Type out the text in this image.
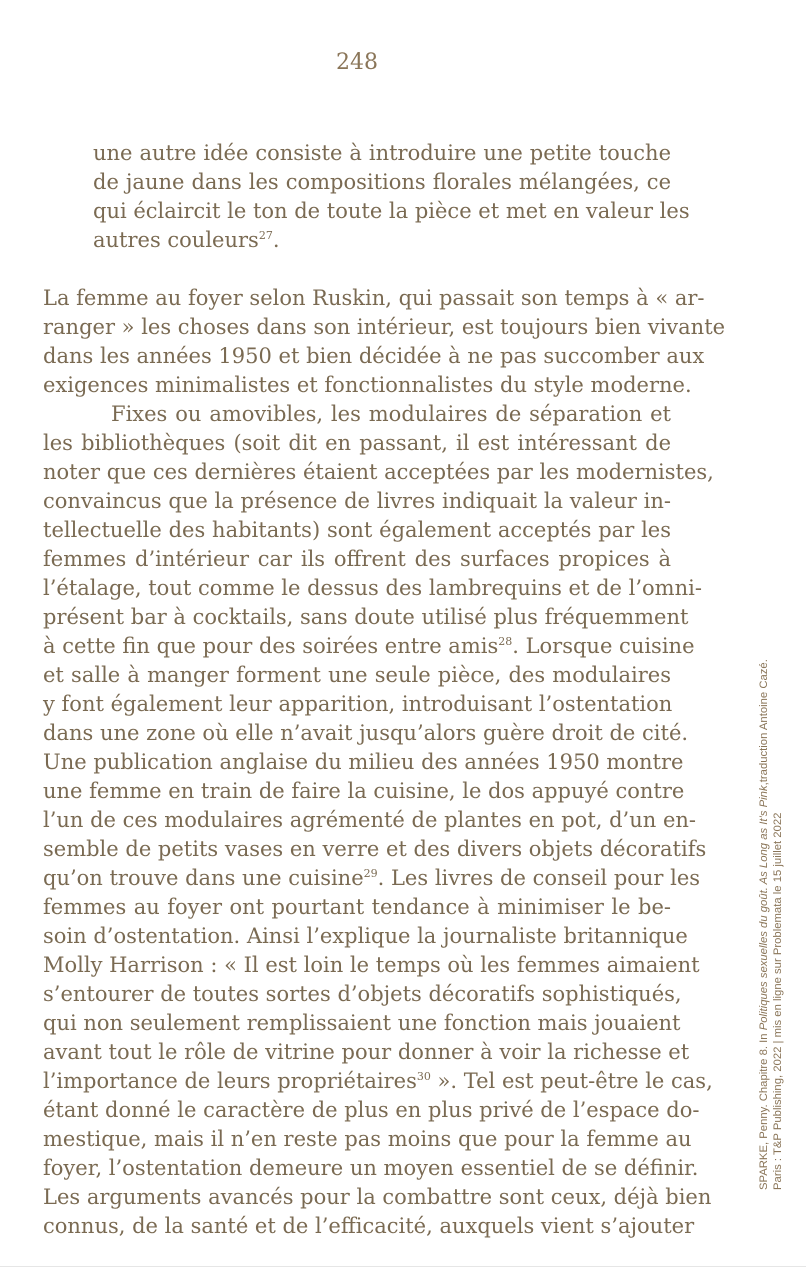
248
une autre idée consiste à introduire une petite touche
de jaune dans les compositions florales mélangées, ce
qui éclaircit le ton de toute la pièce et met en valeur les
autres couleurs$^{27}$.
La femme au foyer selon Ruskin, qui passait son temps à « ar-
ranger » les choses dans son intérieur, est toujours bien vivante
dans les années 1950 et bien décidée à ne pas succomber aux
exigences minimalistes et fonctionnalistes du style moderne.
Fixes ou amovibles, les modulaires de séparation et
les bibliothèques (soit dit en passant, il est intéressant de
noter que ces dernières étaient acceptées par les modernistes,
convaincus que la présence de livres indiquait la valeur in-
tellectuelle des habitants) sont également acceptés par les
femmes d’intérieur car ils offrent des surfaces propices à
l’étalage, tout comme le dessus des lambrequins et de l’omni-
présent bar à cocktails, sans doute utilisé plus fréquemment
à cette fin que pour des soirées entre amis$^{28}$. Lorsque cuisine
et salle à manger forment une seule pièce, des modulaires
y font également leur apparition, introduisant l’ostentation
dans une zone où elle n’avait jusqu’alors guère droit de cité.
Une publication anglaise du milieu des années 1950 montre
une femme en train de faire la cuisine, le dos appuyé contre
l’un de ces modulaires agrémenté de plantes en pot, d’un en-
semble de petits vases en verre et des divers objets décoratifs
qu’on trouve dans une cuisine$^{29}$. Les livres de conseil pour les
femmes au foyer ont pourtant tendance à minimiser le be-
soin d’ostentation. Ainsi l’explique la journaliste britannique
Molly Harrison : « Il est loin le temps où les femmes aimaient
s’entourer de toutes sortes d’objets décoratifs sophistiqués,
qui non seulement remplissaient une fonction mais jouaient
avant tout le rôle de vitrine pour donner à voir la richesse et
l’importance de leurs propriétaires$^{30}$ ». Tel est peut-être le cas,
étant donné le caractère de plus en plus privé de l’espace do-
mestique, mais il n’en reste pas moins que pour la femme au
foyer, l’ostentation demeure un moyen essentiel de se définir.
Les arguments avancés pour la combattre sont ceux, déjà bien
connus, de la santé et de l’efficacité, auxquels vient s’ajouter
SPARKE, Penny. Chapitre 8. In Politiques sexuelles du goût. As Long as It’s Pink,traduction Antoine Cazé.
Paris : T&P Publishing, 2022 | mis en ligne sur Problemata le 15 juillet 2022
